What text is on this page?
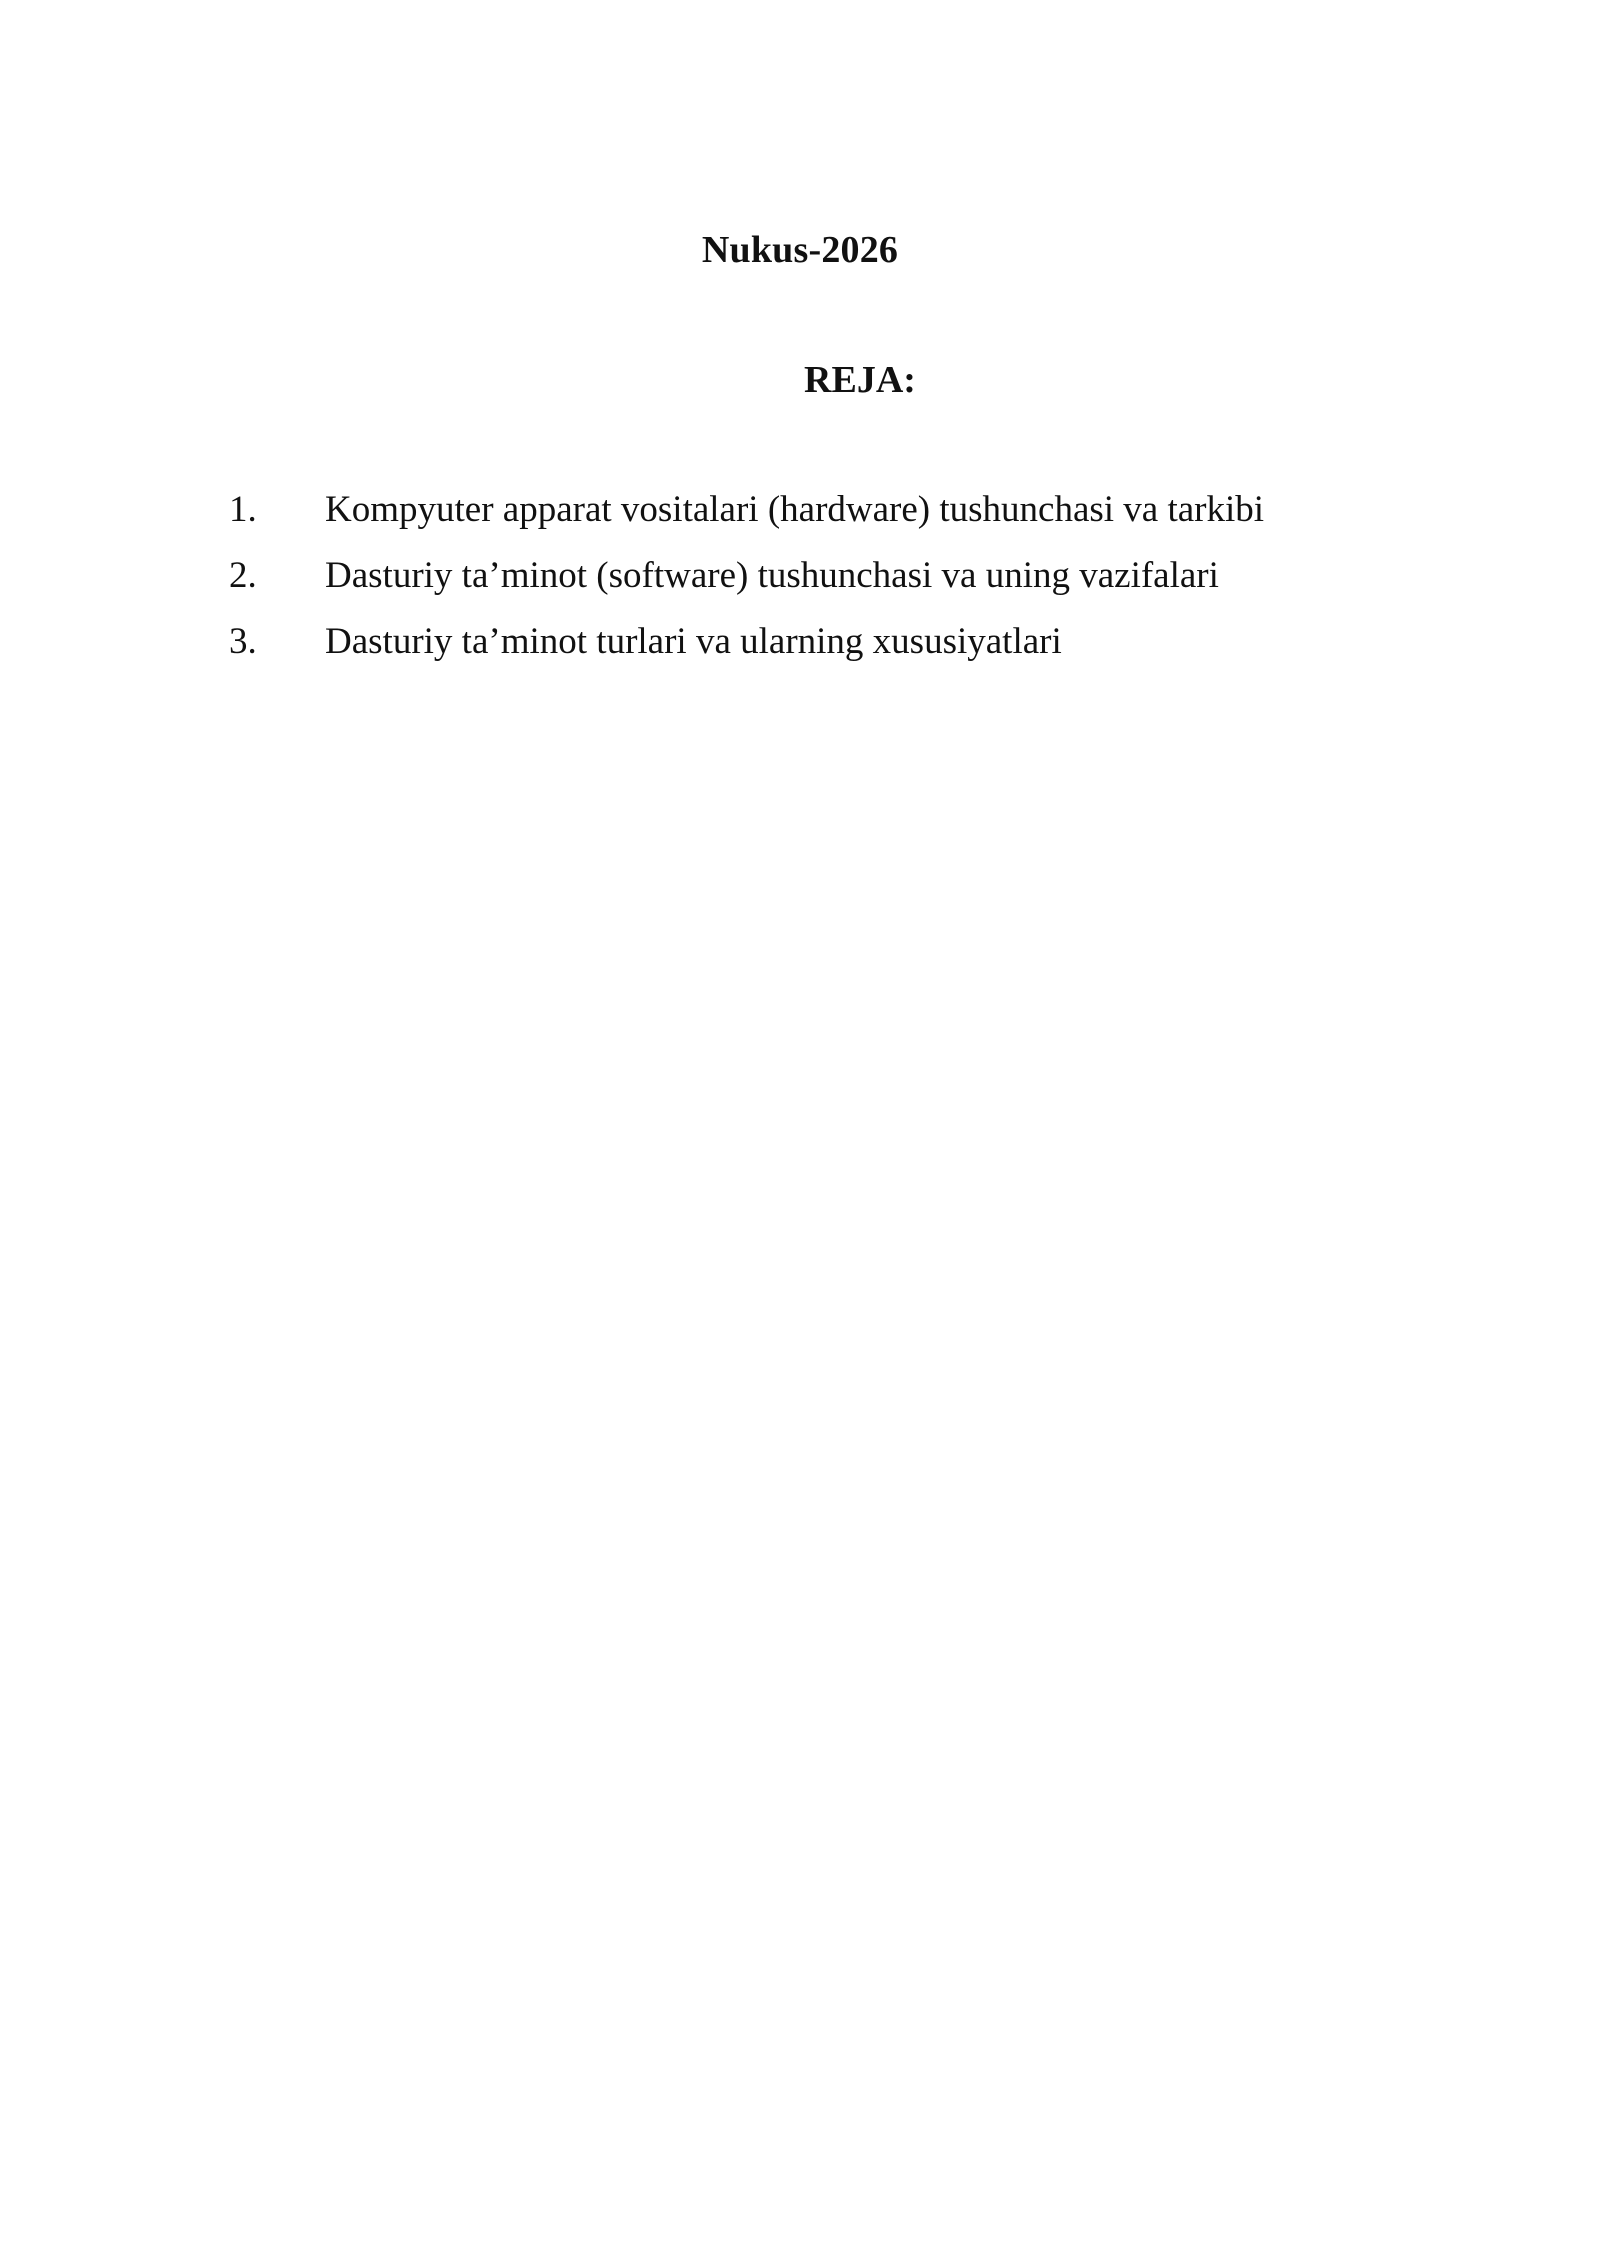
Nukus-2026
REJA:
1.	Kompyuter apparat vositalari (hardware) tushunchasi va tarkibi
2.	Dasturiy ta’minot (software) tushunchasi va uning vazifalari
3.	Dasturiy ta’minot turlari va ularning xususiyatlari
